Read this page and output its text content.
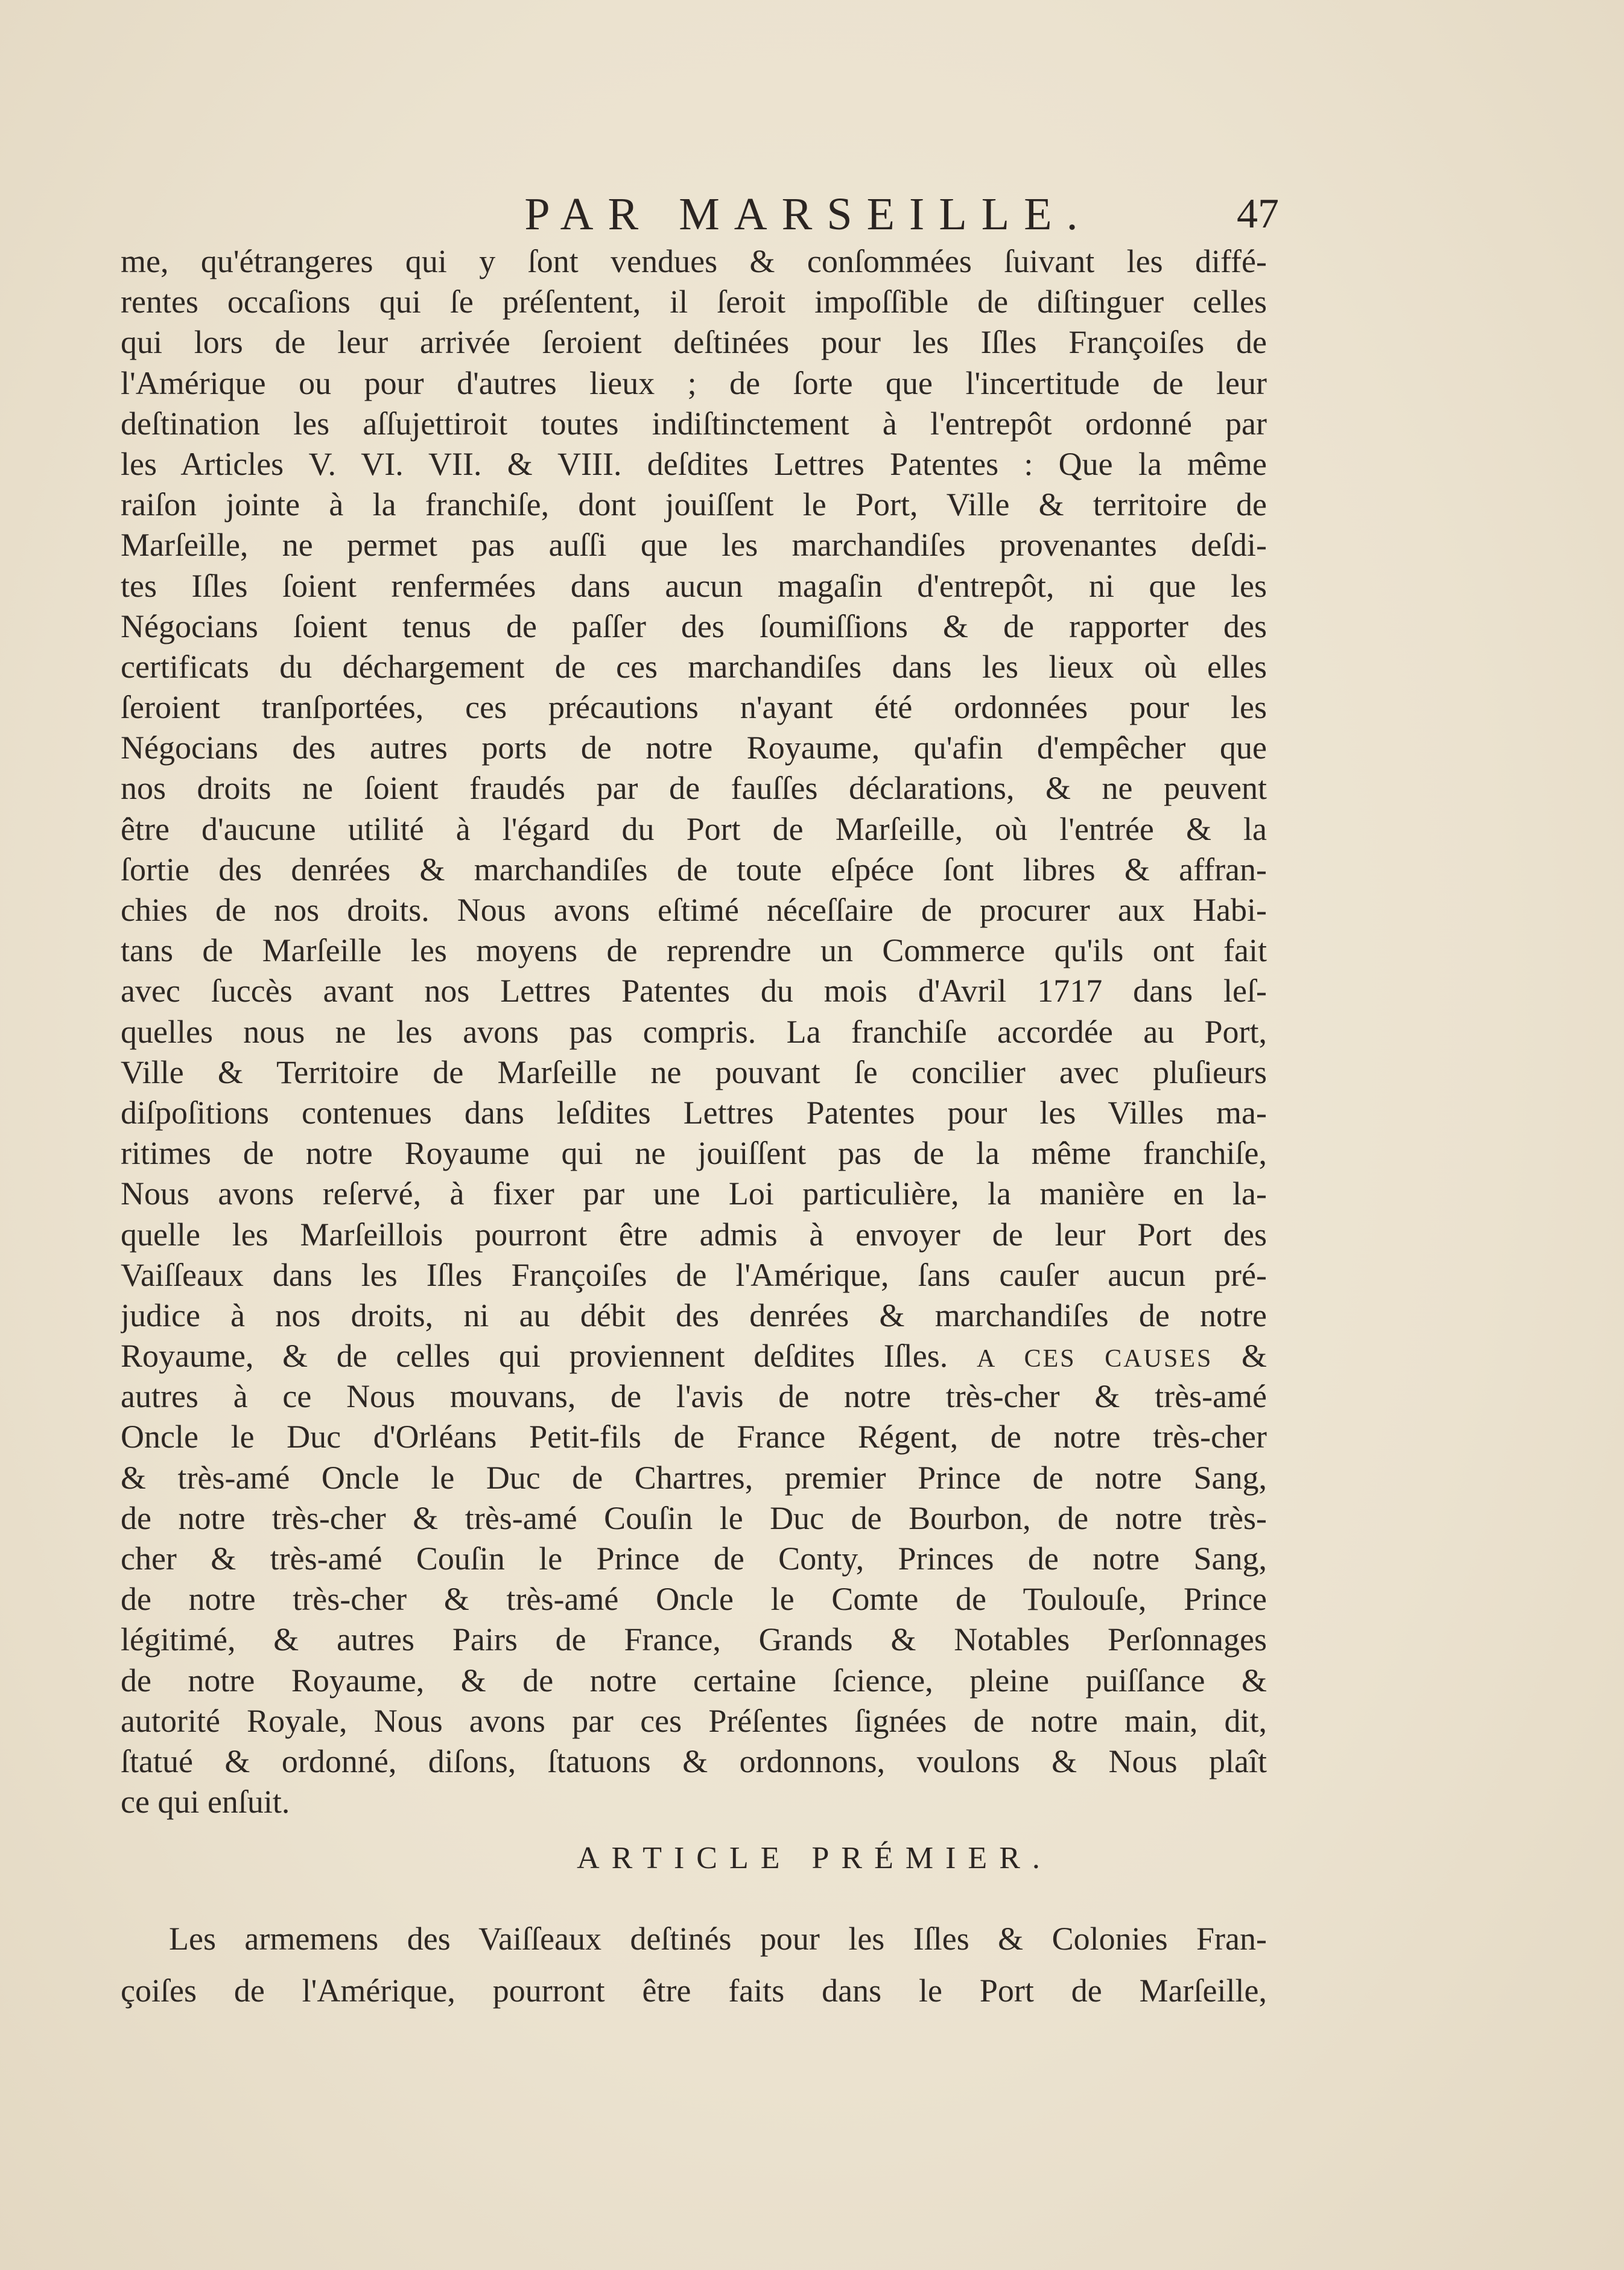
PAR MARSEILLE.	47
me, qu'étrangeres qui y ſont vendues & conſommées ſuivant les diffé-
rentes occaſions qui ſe préſentent, il ſeroit impoſſible de diſtinguer celles
qui lors de leur arrivée ſeroient deſtinées pour les Iſles Françoiſes de
l'Amérique ou pour d'autres lieux ; de ſorte que l'incertitude de leur
deſtination les aſſujettiroit toutes indiſtinctement à l'entrepôt ordonné par
les Articles V. VI. VII. & VIII. deſdites Lettres Patentes : Que la même
raiſon jointe à la franchiſe, dont jouiſſent le Port, Ville & territoire de
Marſeille, ne permet pas auſſi que les marchandiſes provenantes deſdi-
tes Iſles ſoient renfermées dans aucun magaſin d'entrepôt, ni que les
Négocians ſoient tenus de paſſer des ſoumiſſions & de rapporter des
certificats du déchargement de ces marchandiſes dans les lieux où elles
ſeroient tranſportées, ces précautions n'ayant été ordonnées pour les
Négocians des autres ports de notre Royaume, qu'afin d'empêcher que
nos droits ne ſoient fraudés par de fauſſes déclarations, & ne peuvent
être d'aucune utilité à l'égard du Port de Marſeille, où l'entrée & la
ſortie des denrées & marchandiſes de toute eſpéce ſont libres & affran-
chies de nos droits. Nous avons eſtimé néceſſaire de procurer aux Habi-
tans de Marſeille les moyens de reprendre un Commerce qu'ils ont fait
avec ſuccès avant nos Lettres Patentes du mois d'Avril 1717 dans leſ-
quelles nous ne les avons pas compris. La franchiſe accordée au Port,
Ville & Territoire de Marſeille ne pouvant ſe concilier avec pluſieurs
diſpoſitions contenues dans leſdites Lettres Patentes pour les Villes ma-
ritimes de notre Royaume qui ne jouiſſent pas de la même franchiſe,
Nous avons reſervé, à fixer par une Loi particulière, la manière en la-
quelle les Marſeillois pourront être admis à envoyer de leur Port des
Vaiſſeaux dans les Iſles Françoiſes de l'Amérique, ſans cauſer aucun pré-
judice à nos droits, ni au débit des denrées & marchandiſes de notre
Royaume, & de celles qui proviennent deſdites Iſles. A CES CAUSES &
autres à ce Nous mouvans, de l'avis de notre très-cher & très-amé
Oncle le Duc d'Orléans Petit-fils de France Régent, de notre très-cher
& très-amé Oncle le Duc de Chartres, premier Prince de notre Sang,
de notre très-cher & très-amé Couſin le Duc de Bourbon, de notre très-
cher & très-amé Couſin le Prince de Conty, Princes de notre Sang,
de notre très-cher & très-amé Oncle le Comte de Toulouſe, Prince
légitimé, & autres Pairs de France, Grands & Notables Perſonnages
de notre Royaume, & de notre certaine ſcience, pleine puiſſance &
autorité Royale, Nous avons par ces Préſentes ſignées de notre main, dit,
ſtatué & ordonné, diſons, ſtatuons & ordonnons, voulons & Nous plaît
ce qui enſuit.
ARTICLE PRÉMIER.
Les armemens des Vaiſſeaux deſtinés pour les Iſles & Colonies Fran-
çoiſes de l'Amérique, pourront être faits dans le Port de Marſeille,
